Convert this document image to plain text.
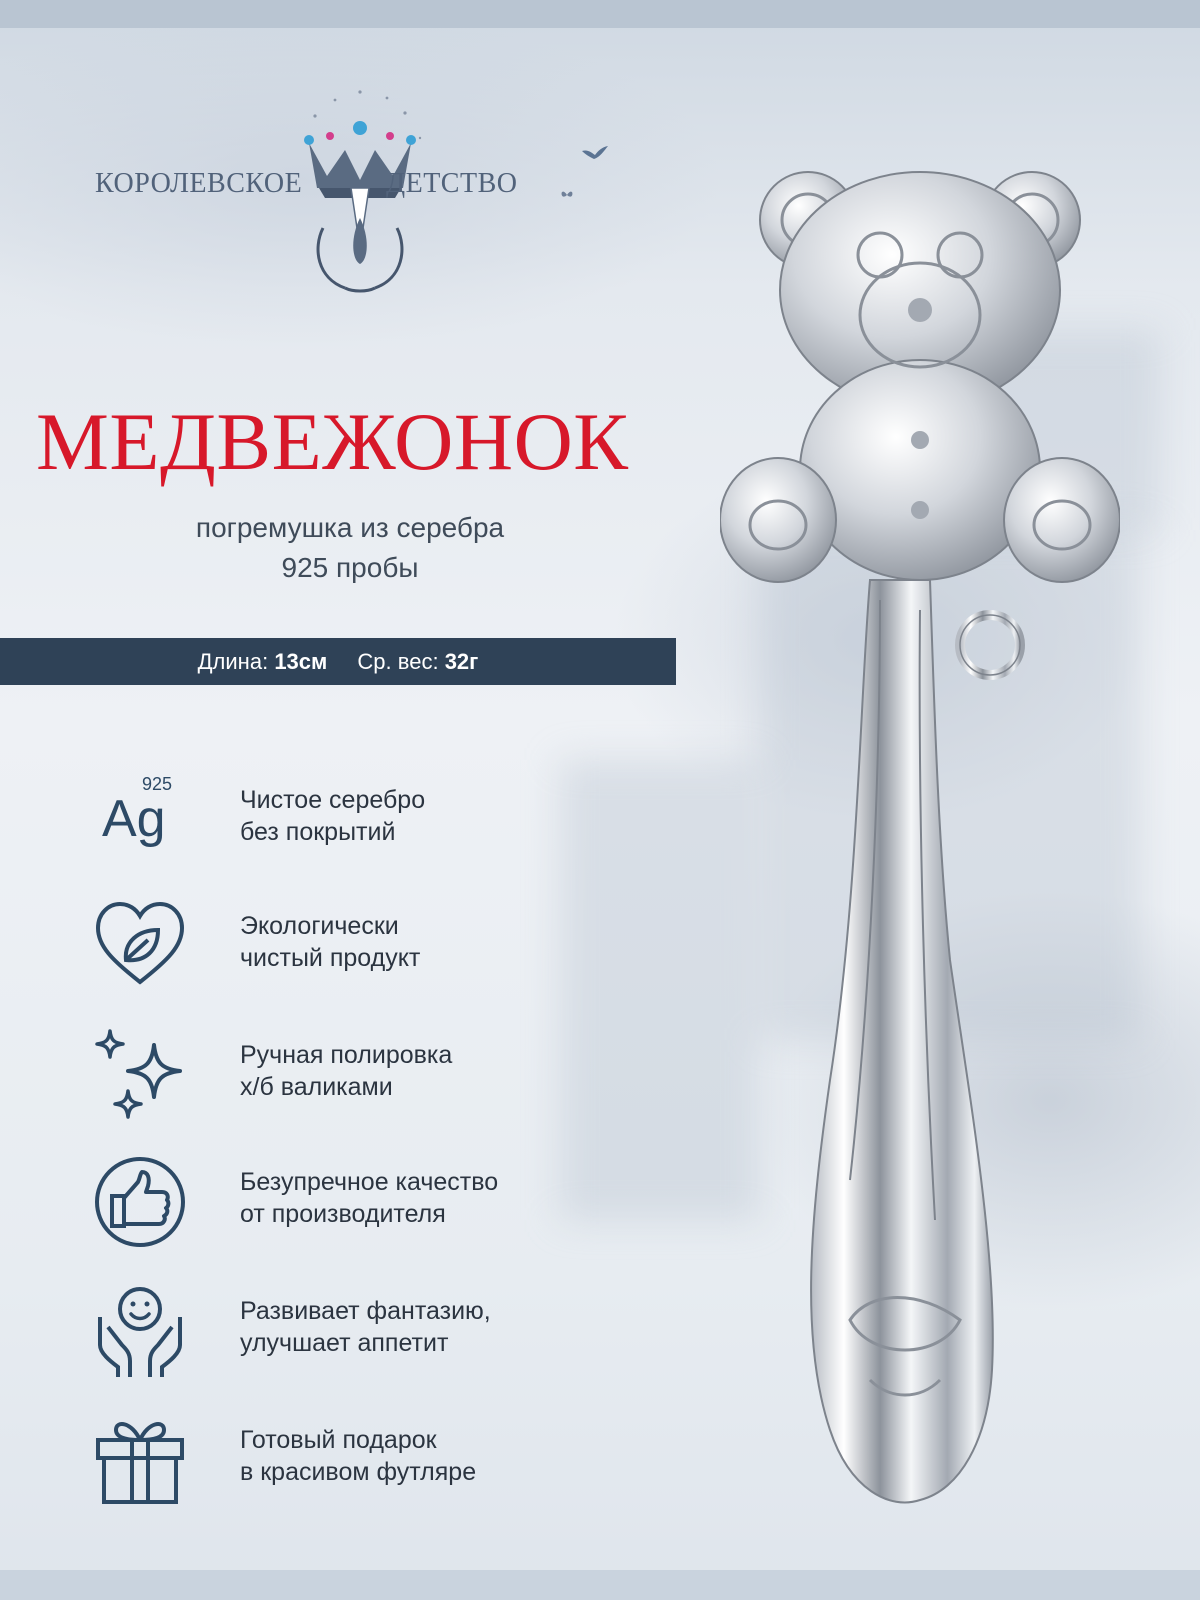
КОРОЛЕВСКОЕ	ДЕТСТВО
МЕДВЕЖОНОК
погремушка из серебра
925 пробы
Длина: 13см Ср. вес: 32г
Ag
925
Чистое серебро
без покрытий
Экологически
чистый продукт
Ручная полировка
х/б валиками
Безупречное качество
от производителя
Развивает фантазию,
улучшает аппетит
Готовый подарок
в красивом футляре
